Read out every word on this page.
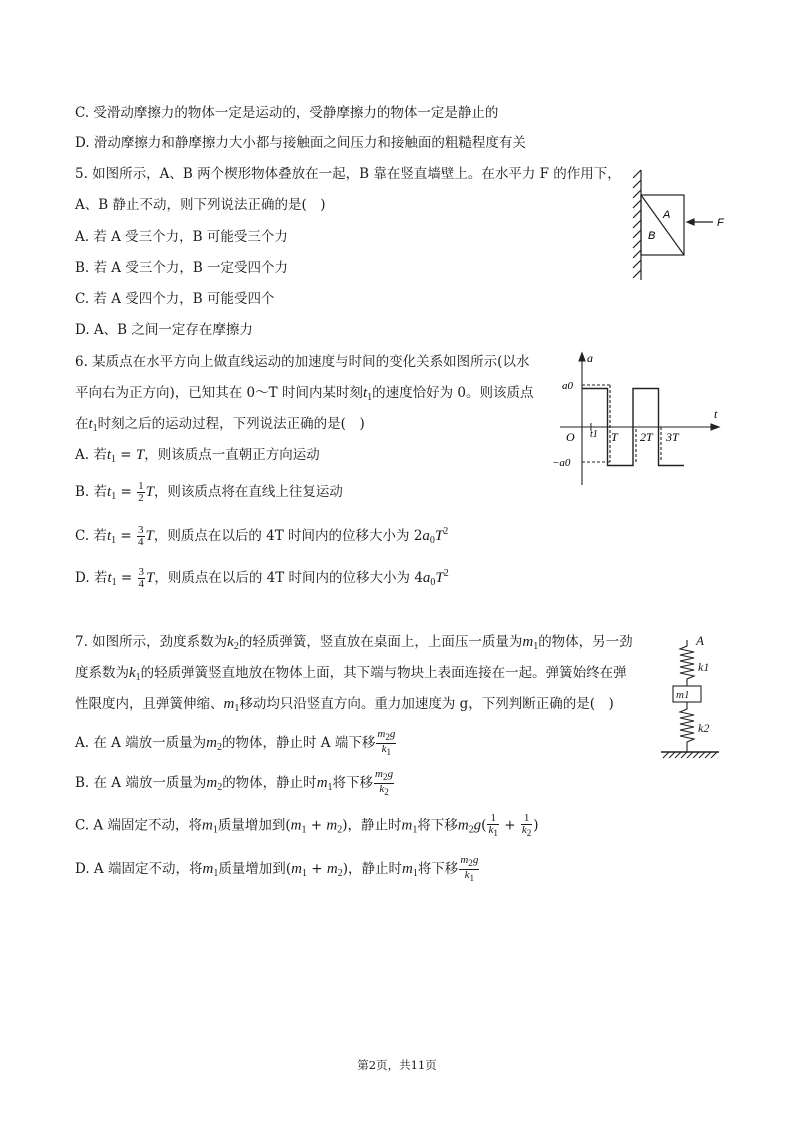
C. 受滑动摩擦力的物体一定是运动的，受静摩擦力的物体一定是静止的
D. 滑动摩擦力和静摩擦力大小都与接触面之间压力和接触面的粗糙程度有关
5. 如图所示，A、B 两个楔形物体叠放在一起，B 靠在竖直墙壁上。在水平力 F 的作用下，
A、B 静止不动，则下列说法正确的是(　)
A. 若 A 受三个力，B 可能受三个力
B. 若 A 受三个力，B 一定受四个力
C. 若 A 受四个力，B 可能受四个
D. A、B 之间一定存在摩擦力
A
B
F
6. 某质点在水平方向上做直线运动的加速度与时间的变化关系如图所示(以水
平向右为正方向)，已知其在 0～T 时间内某时刻$t_1$的速度恰好为 0。则该质点
在$t_1$时刻之后的运动过程，下列说法正确的是(　)
A. 若$t_1 = T$，则该质点一直朝正方向运动
B. 若$t_1 = \frac{1}{2}$ T，则该质点将在直线上往复运动
C. 若$t_1 = \frac{3}{4}$ T，则质点在以后的 4T 时间内的位移大小为 $2a_0T^2$
D. 若$t_1 = \frac{3}{4}$ T，则质点在以后的 4T 时间内的位移大小为 $4a_0T^2$
a
t
O t1 T 2T 3T
a0
−a0
7. 如图所示，劲度系数为$k_2$的轻质弹簧，竖直放在桌面上，上面压一质量为$m_1$的物体，另一劲
度系数为$k_1$的轻质弹簧竖直地放在物体上面，其下端与物块上表面连接在一起。弹簧始终在弹
性限度内，且弹簧伸缩、$m_1$移动均只沿竖直方向。重力加速度为 g，下列判断正确的是(　)
A. 在 A 端放一质量为$m_2$的物体，静止时 A 端下移 $\frac{m_2g}{k_1}$
B. 在 A 端放一质量为$m_2$的物体，静止时$m_1$将下移 $\frac{m_2g}{k_2}$
C. A 端固定不动，将$m_1$质量增加到$(m_1 + m_2)$，静止时$m_1$将下移$m_2g( \frac{1}{k_1} + \frac{1}{k_2}$ )
D. A 端固定不动，将$m_1$质量增加到$(m_1 + m_2)$，静止时$m_1$将下移 $\frac{m_2g}{k_1}$
A
k1
m1
k2
第2页，共11页
